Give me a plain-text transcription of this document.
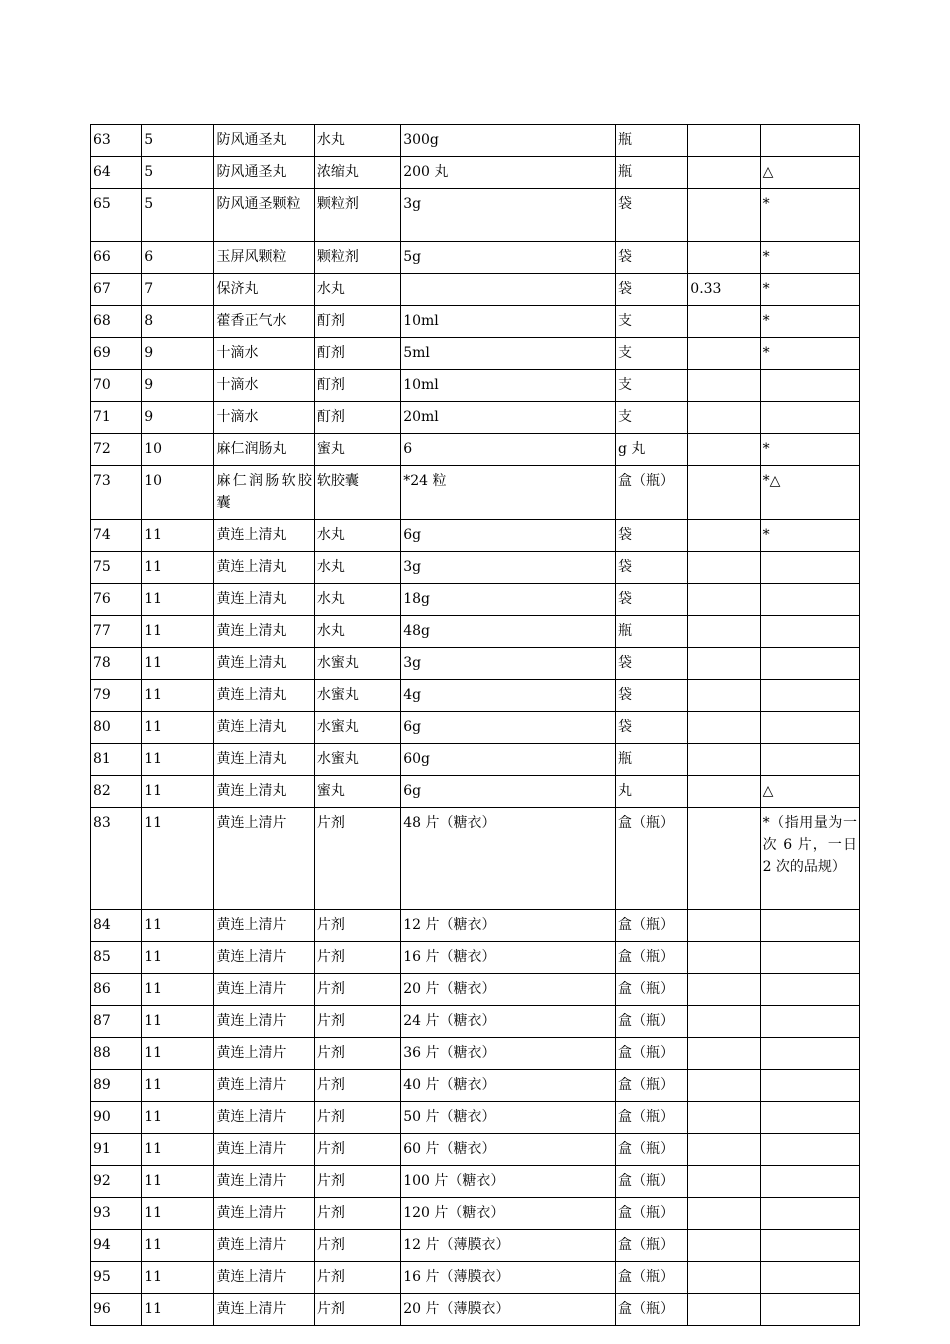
63	5	防风通圣丸	水丸	300g	瓶		
64	5	防风通圣丸	浓缩丸	200 丸	瓶		△
65	5	防风通圣颗粒	颗粒剂	3g	袋		*
66	6	玉屏风颗粒	颗粒剂	5g	袋		*
67	7	保济丸	水丸		袋	0.33	*
68	8	藿香正气水	酊剂	10ml	支		*
69	9	十滴水	酊剂	5ml	支		*
70	9	十滴水	酊剂	10ml	支		
71	9	十滴水	酊剂	20ml	支		
72	10	麻仁润肠丸	蜜丸	6	g 丸		*
73	10	麻仁润肠软胶囊	软胶囊	*24 粒	盒（瓶）		*△
74	11	黄连上清丸	水丸	6g	袋		*
75	11	黄连上清丸	水丸	3g	袋		
76	11	黄连上清丸	水丸	18g	袋		
77	11	黄连上清丸	水丸	48g	瓶		
78	11	黄连上清丸	水蜜丸	3g	袋		
79	11	黄连上清丸	水蜜丸	4g	袋		
80	11	黄连上清丸	水蜜丸	6g	袋		
81	11	黄连上清丸	水蜜丸	60g	瓶		
82	11	黄连上清丸	蜜丸	6g	丸		△
83	11	黄连上清片	片剂	48 片（糖衣）	盒（瓶）		*（指用量为一次 6 片，一日 2 次的品规）
84	11	黄连上清片	片剂	12 片（糖衣）	盒（瓶）		
85	11	黄连上清片	片剂	16 片（糖衣）	盒（瓶）		
86	11	黄连上清片	片剂	20 片（糖衣）	盒（瓶）		
87	11	黄连上清片	片剂	24 片（糖衣）	盒（瓶）		
88	11	黄连上清片	片剂	36 片（糖衣）	盒（瓶）		
89	11	黄连上清片	片剂	40 片（糖衣）	盒（瓶）		
90	11	黄连上清片	片剂	50 片（糖衣）	盒（瓶）		
91	11	黄连上清片	片剂	60 片（糖衣）	盒（瓶）		
92	11	黄连上清片	片剂	100 片（糖衣）	盒（瓶）		
93	11	黄连上清片	片剂	120 片（糖衣）	盒（瓶）		
94	11	黄连上清片	片剂	12 片（薄膜衣）	盒（瓶）		
95	11	黄连上清片	片剂	16 片（薄膜衣）	盒（瓶）		
96	11	黄连上清片	片剂	20 片（薄膜衣）	盒（瓶）		
